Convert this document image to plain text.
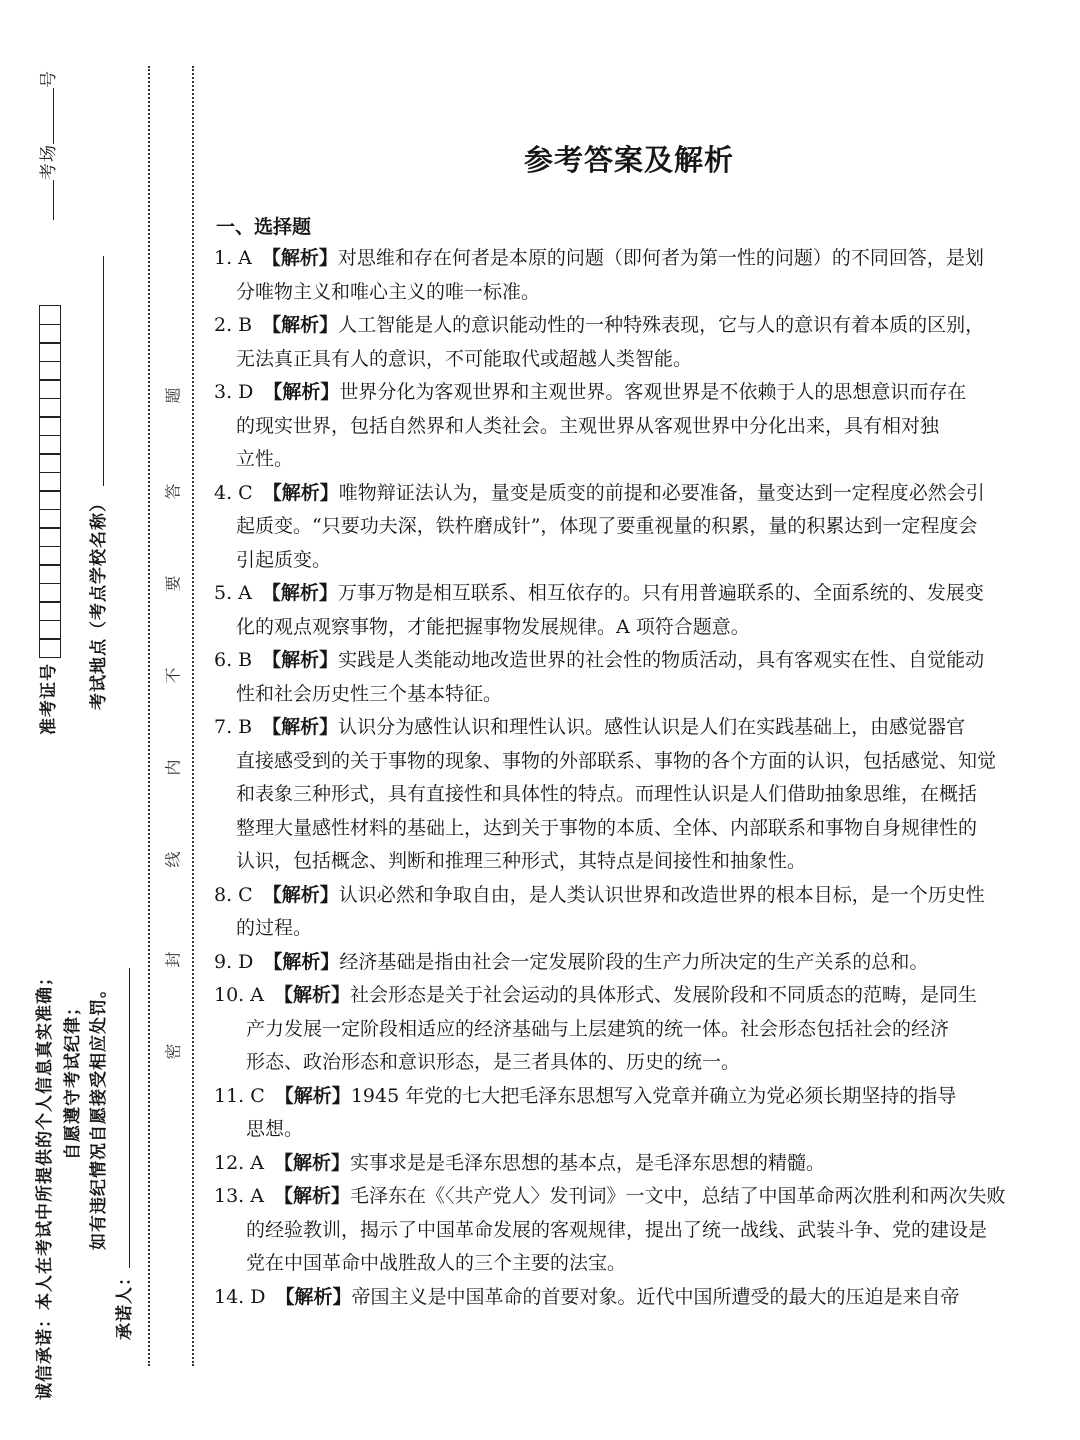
考场号
准考证号
诚信承诺：本人在考试中所提供的个人信息真实准确； 自愿遵守考试纪律；
考试地点（考点学校名称）
如有违纪情况自愿接受相应处罚。
承诺人：
密
封
线
内
不
要
答
题
参考答案及解析
一、选择题
1. A 【解析】对思维和存在何者是本原的问题（即何者为第一性的问题）的不同回答，是划
分唯物主义和唯心主义的唯一标准。
2. B 【解析】人工智能是人的意识能动性的一种特殊表现，它与人的意识有着本质的区别，
无法真正具有人的意识，不可能取代或超越人类智能。
3. D 【解析】世界分化为客观世界和主观世界。客观世界是不依赖于人的思想意识而存在
的现实世界，包括自然界和人类社会。主观世界从客观世界中分化出来，具有相对独
立性。
4. C 【解析】唯物辩证法认为，量变是质变的前提和必要准备，量变达到一定程度必然会引
起质变。“只要功夫深，铁杵磨成针”，体现了要重视量的积累，量的积累达到一定程度会
引起质变。
5. A 【解析】万事万物是相互联系、相互依存的。只有用普遍联系的、全面系统的、发展变
化的观点观察事物，才能把握事物发展规律。A 项符合题意。
6. B 【解析】实践是人类能动地改造世界的社会性的物质活动，具有客观实在性、自觉能动
性和社会历史性三个基本特征。
7. B 【解析】认识分为感性认识和理性认识。感性认识是人们在实践基础上，由感觉器官
直接感受到的关于事物的现象、事物的外部联系、事物的各个方面的认识，包括感觉、知觉
和表象三种形式，具有直接性和具体性的特点。而理性认识是人们借助抽象思维，在概括
整理大量感性材料的基础上，达到关于事物的本质、全体、内部联系和事物自身规律性的
认识，包括概念、判断和推理三种形式，其特点是间接性和抽象性。
8. C 【解析】认识必然和争取自由，是人类认识世界和改造世界的根本目标，是一个历史性
的过程。
9. D 【解析】经济基础是指由社会一定发展阶段的生产力所决定的生产关系的总和。
10. A 【解析】社会形态是关于社会运动的具体形式、发展阶段和不同质态的范畴，是同生
产力发展一定阶段相适应的经济基础与上层建筑的统一体。社会形态包括社会的经济
形态、政治形态和意识形态，是三者具体的、历史的统一。
11. C 【解析】1945 年党的七大把毛泽东思想写入党章并确立为党必须长期坚持的指导
思想。
12. A 【解析】实事求是是毛泽东思想的基本点，是毛泽东思想的精髓。
13. A 【解析】毛泽东在《〈共产党人〉发刊词》一文中，总结了中国革命两次胜利和两次失败
的经验教训，揭示了中国革命发展的客观规律，提出了统一战线、武装斗争、党的建设是
党在中国革命中战胜敌人的三个主要的法宝。
14. D 【解析】帝国主义是中国革命的首要对象。近代中国所遭受的最大的压迫是来自帝
